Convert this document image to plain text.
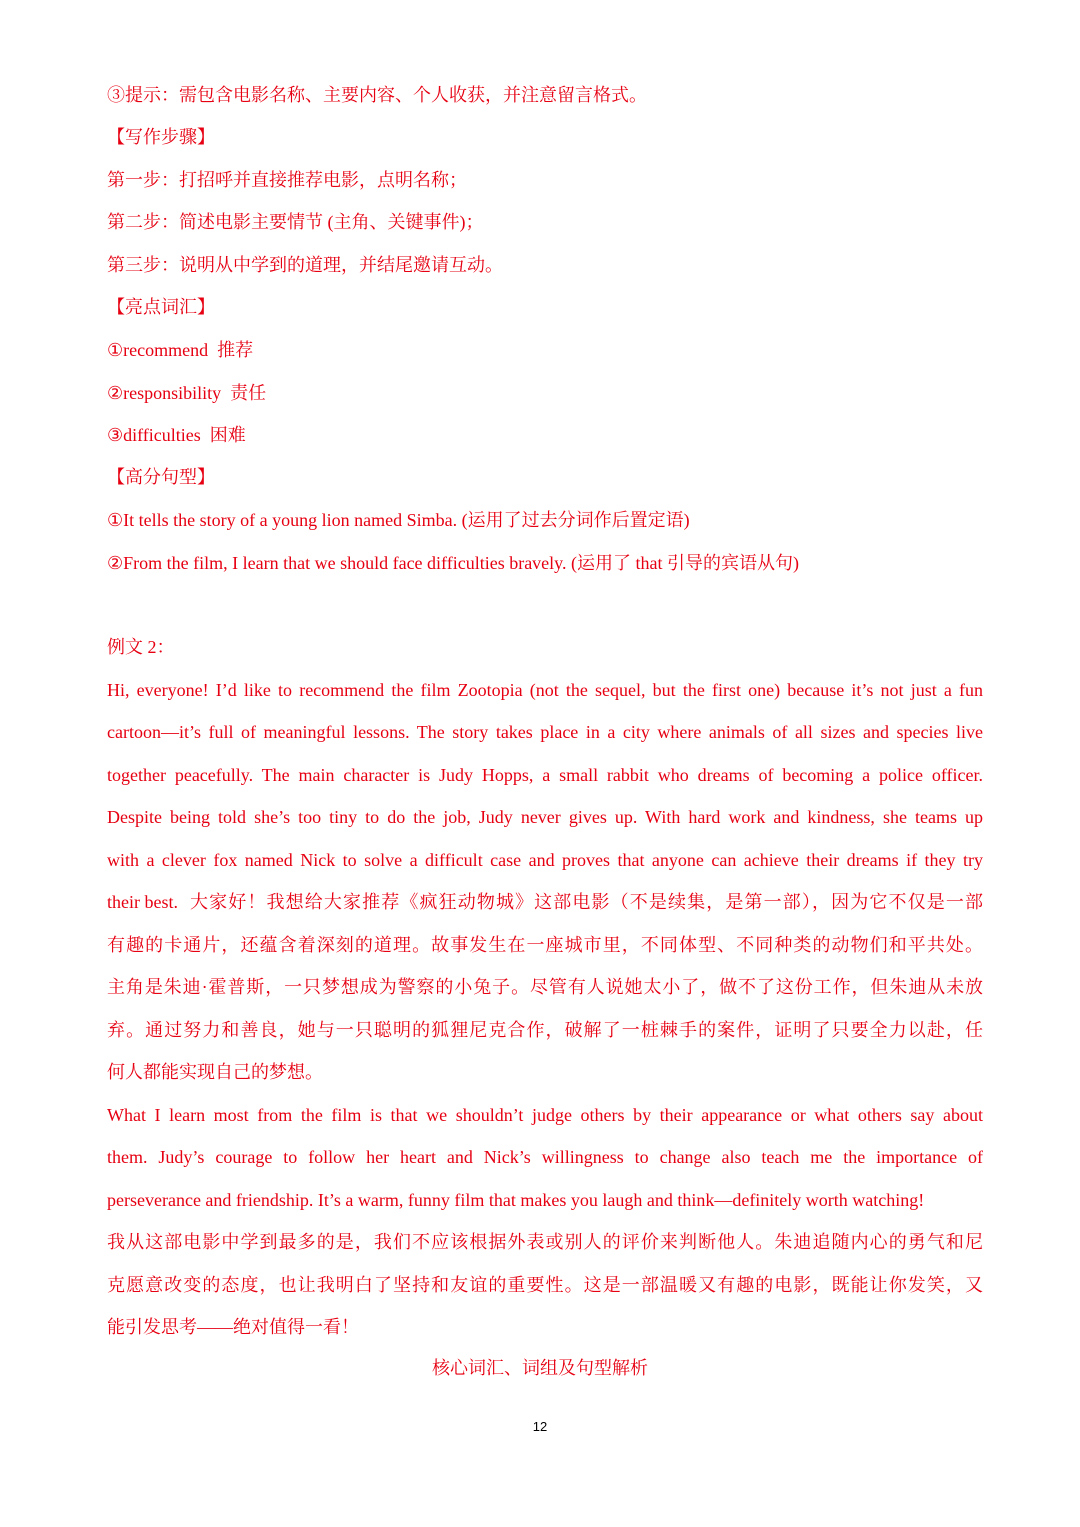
③提示：需包含电影名称、主要内容、个人收获，并注意留言格式。
【写作步骤】
第一步：打招呼并直接推荐电影，点明名称；
第二步：简述电影主要情节 (主角、关键事件)；
第三步：说明从中学到的道理，并结尾邀请互动。
【亮点词汇】
①recommend  推荐
②responsibility  责任
③difficulties  困难
【高分句型】
①It tells the story of a young lion named Simba. (运用了过去分词作后置定语)
②From the film, I learn that we should face difficulties bravely. (运用了 that 引导的宾语从句)
例文 2：
Hi, everyone! I’d like to recommend the film Zootopia (not the sequel, but the first one) because it’s not just a fun
cartoon—it’s full of meaningful lessons. The story takes place in a city where animals of all sizes and species live
together peacefully. The main character is Judy Hopps, a small rabbit who dreams of becoming a police officer.
Despite being told she’s too tiny to do the job, Judy never gives up. With hard work and kindness, she teams up
with a clever fox named Nick to solve a difficult case and proves that anyone can achieve their dreams if they try
their best. 大家好！我想给大家推荐《疯狂动物城》这部电影（不是续集，是第一部），因为它不仅是一部
有趣的卡通片，还蕴含着深刻的道理。故事发生在一座城市里，不同体型、不同种类的动物们和平共处。
主角是朱迪·霍普斯，一只梦想成为警察的小兔子。尽管有人说她太小了，做不了这份工作，但朱迪从未放
弃。通过努力和善良，她与一只聪明的狐狸尼克合作，破解了一桩棘手的案件，证明了只要全力以赴，任
何人都能实现自己的梦想。
What I learn most from the film is that we shouldn’t judge others by their appearance or what others say about
them. Judy’s courage to follow her heart and Nick’s willingness to change also teach me the importance of
perseverance and friendship. It’s a warm, funny film that makes you laugh and think—definitely worth watching!
我从这部电影中学到最多的是，我们不应该根据外表或别人的评价来判断他人。朱迪追随内心的勇气和尼
克愿意改变的态度，也让我明白了坚持和友谊的重要性。这是一部温暖又有趣的电影，既能让你发笑，又
能引发思考——绝对值得一看！
核心词汇、词组及句型解析
12
